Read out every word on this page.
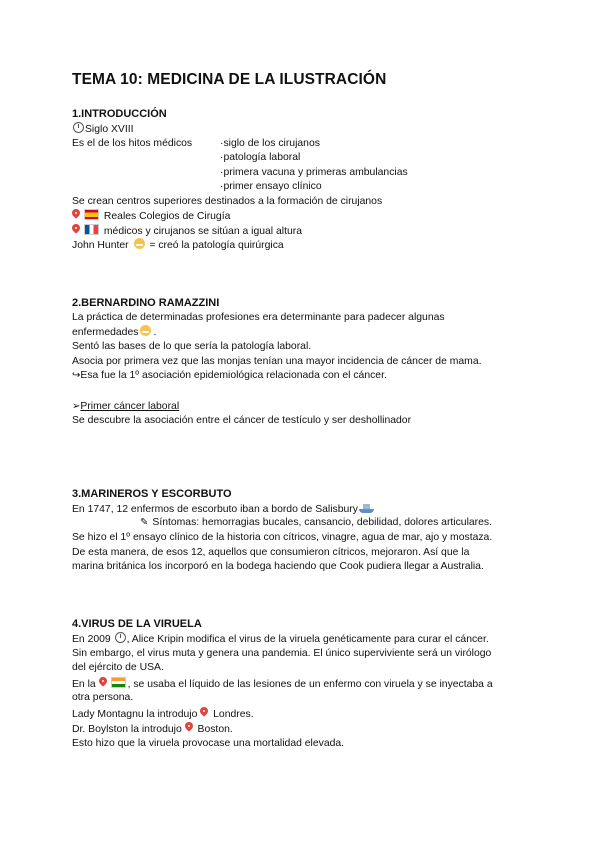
TEMA 10: MEDICINA DE LA ILUSTRACIÓN
1.INTRODUCCIÓN
Siglo XVIII
Es el de los hitos médicos	·siglo de los cirujanos
·patología laboral
·primera vacuna y primeras ambulancias
·primer ensayo clínico
Se crean centros superiores destinados a la formación de cirujanos
Reales Colegios de Cirugía
médicos y cirujanos se sitúan a igual altura
John Hunter = creó la patología quirúrgica
2.BERNARDINO RAMAZZINI
La práctica de determinadas profesiones era determinante para padecer algunas
enfermedades .
Sentó las bases de lo que sería la patología laboral.
Asocia por primera vez que las monjas tenían una mayor incidencia de cáncer de mama.
↪Esa fue la 1º asociación epidemiológica relacionada con el cáncer.
➢Primer cáncer laboral
Se descubre la asociación entre el cáncer de testículo y ser deshollinador
3.MARINEROS Y ESCORBUTO
En 1747, 12 enfermos de escorbuto iban a bordo de Salisbury
✎ Síntomas: hemorragias bucales, cansancio, debilidad, dolores articulares.
Se hizo el 1º ensayo clínico de la historia con cítricos, vinagre, agua de mar, ajo y mostaza.
De esta manera, de esos 12, aquellos que consumieron cítricos, mejoraron. Así que la
marina británica los incorporó en la bodega haciendo que Cook pudiera llegar a Australia.
4.VIRUS DE LA VIRUELA
En 2009 , Alice Kripin modifica el virus de la viruela genéticamente para curar el cáncer.
Sin embargo, el virus muta y genera una pandemia. El único superviviente será un virólogo
del ejército de USA.
En la	, se usaba el líquido de las lesiones de un enfermo con viruela y se inyectaba a
otra persona.
Lady Montagnu la introdujo Londres.
Dr. Boylston la introdujo Boston.
Esto hizo que la viruela provocase una mortalidad elevada.
